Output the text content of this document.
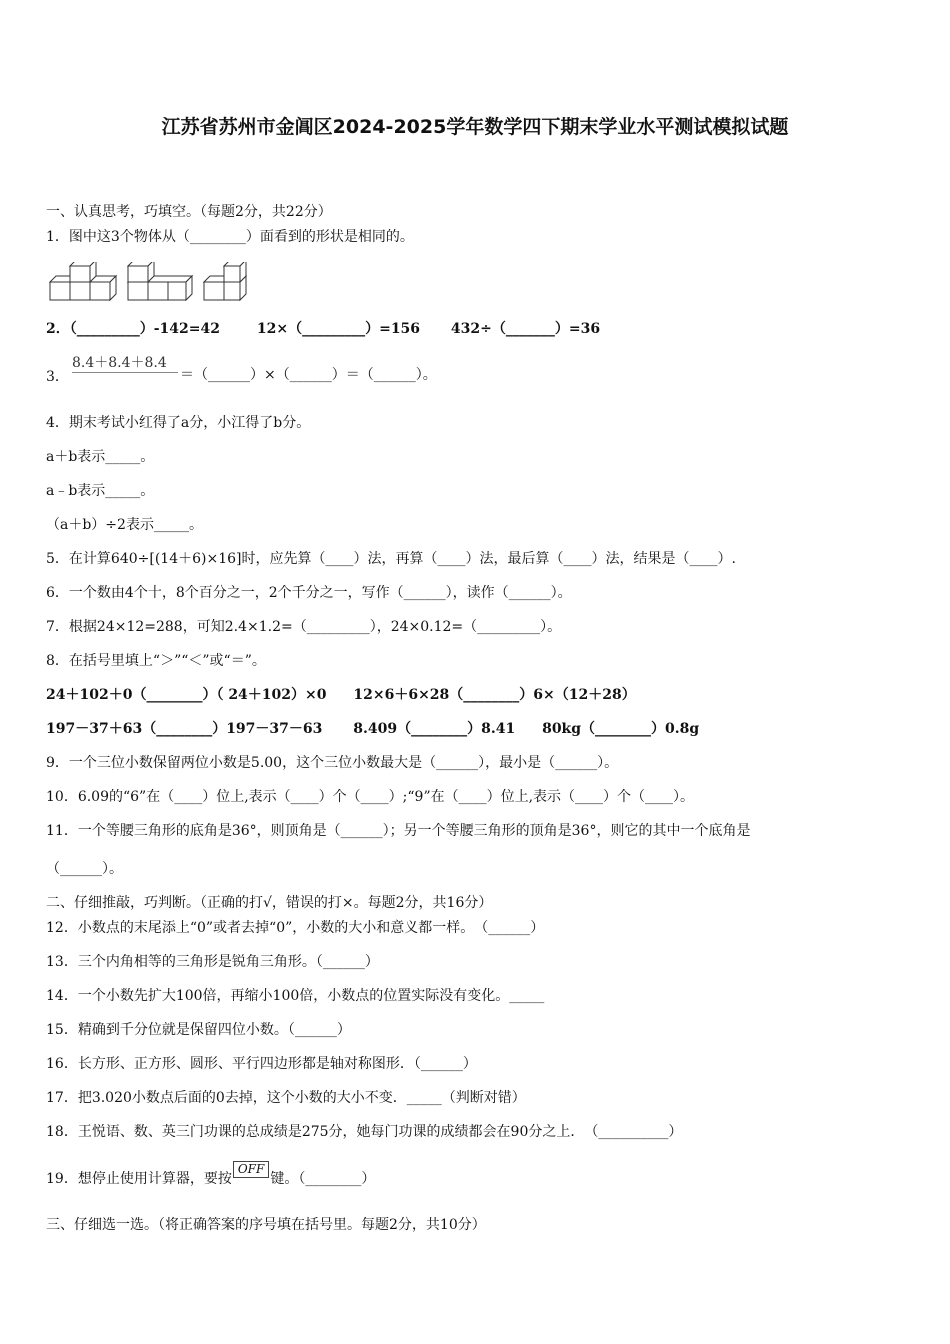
江苏省苏州市金阊区2024-2025学年数学四下期末学业水平测试模拟试题
一、认真思考，巧填空。（每题2分，共22分）
1．图中这3个物体从（________）面看到的形状是相同的。
2．（_________）-142=42	12×（_________）=156 432÷（_______）=36
8.4＋8.4＋8.4
3．	＝（______）×（______）＝（______）。
4．期末考试小红得了a分，小江得了b分。
a＋b表示_____。
a﹣b表示_____。
（a＋b）÷2表示_____。
5．在计算640÷[(14＋6)×16]时，应先算（____）法，再算（____）法，最后算（____）法，结果是（____）.
6．一个数由4个十，8个百分之一，2个千分之一，写作（______），读作（______）。
7．根据24×12=288，可知2.4×1.2=（_________），24×0.12=（_________）。
8．在括号里填上“＞”“＜”或“＝”。
24＋102＋0（________）（ 24＋102）×0 12×6＋6×28（________）6×（12＋28）
197－37＋63（________）197－37－63 8.409（________）8.41 80kg（________）0.8g
9．一个三位小数保留两位小数是5.00，这个三位小数最大是（______），最小是（______）。
10．6.09的“6”在（____）位上,表示（____）个（____）;“9”在（____）位上,表示（____）个（____）。
11．一个等腰三角形的底角是36°，则顶角是（______）；另一个等腰三角形的顶角是36°，则它的其中一个底角是
（______）。
二、仔细推敲，巧判断。（正确的打√，错误的打×。每题2分，共16分）
12．小数点的末尾添上“0”或者去掉“0”，小数的大小和意义都一样。　（______）
13．三个内角相等的三角形是锐角三角形。（______）
14．一个小数先扩大100倍，再缩小100倍，小数点的位置实际没有变化。_____
15．精确到千分位就是保留四位小数。（______）
16．长方形、正方形、圆形、平行四边形都是轴对称图形．（______）
17．把3.020小数点后面的0去掉，这个小数的大小不变．_____（判断对错）
18．王悦语、数、英三门功课的总成绩是275分，她每门功课的成绩都会在90分之上．　（__________）
19．想停止使用计算器，要按OFF键。（________）
三、仔细选一选。（将正确答案的序号填在括号里。每题2分，共10分）
